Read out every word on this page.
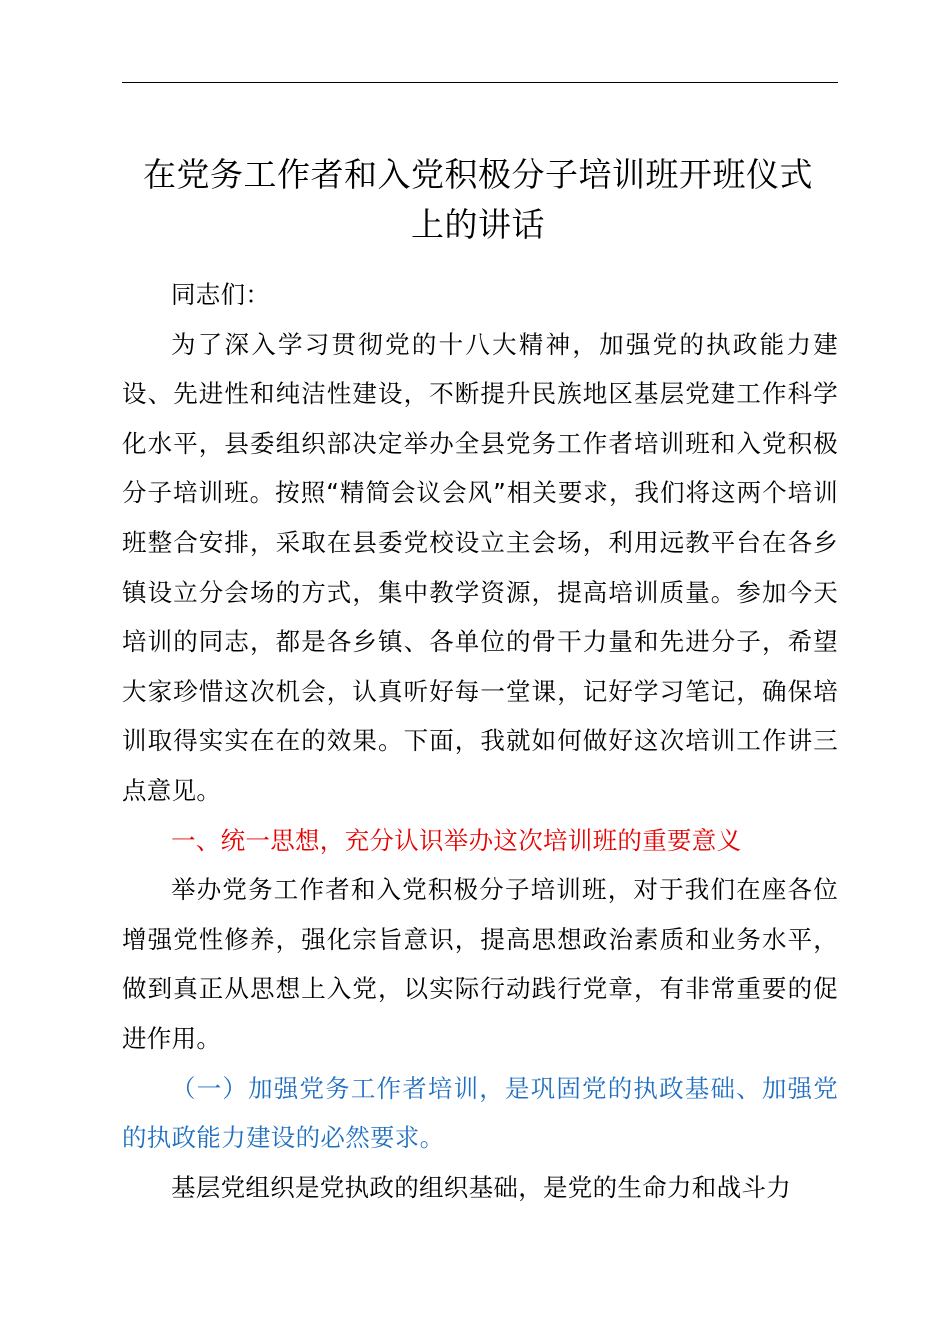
在党务工作者和入党积极分子培训班开班仪式
上的讲话

同志们：

为了深入学习贯彻党的十八大精神，加强党的执政能力建设、先进性和纯洁性建设，不断提升民族地区基层党建工作科学化水平，县委组织部决定举办全县党务工作者培训班和入党积极分子培训班。按照“精简会议会风”相关要求，我们将这两个培训班整合安排，采取在县委党校设立主会场，利用远教平台在各乡镇设立分会场的方式，集中教学资源，提高培训质量。参加今天培训的同志，都是各乡镇、各单位的骨干力量和先进分子，希望大家珍惜这次机会，认真听好每一堂课，记好学习笔记，确保培训取得实实在在的效果。下面，我就如何做好这次培训工作讲三点意见。

一、统一思想，充分认识举办这次培训班的重要意义

举办党务工作者和入党积极分子培训班，对于我们在座各位增强党性修养，强化宗旨意识，提高思想政治素质和业务水平，做到真正从思想上入党，以实际行动践行党章，有非常重要的促进作用。

（一）加强党务工作者培训，是巩固党的执政基础、加强党的执政能力建设的必然要求。

基层党组织是党执政的组织基础，是党的生命力和战斗力
